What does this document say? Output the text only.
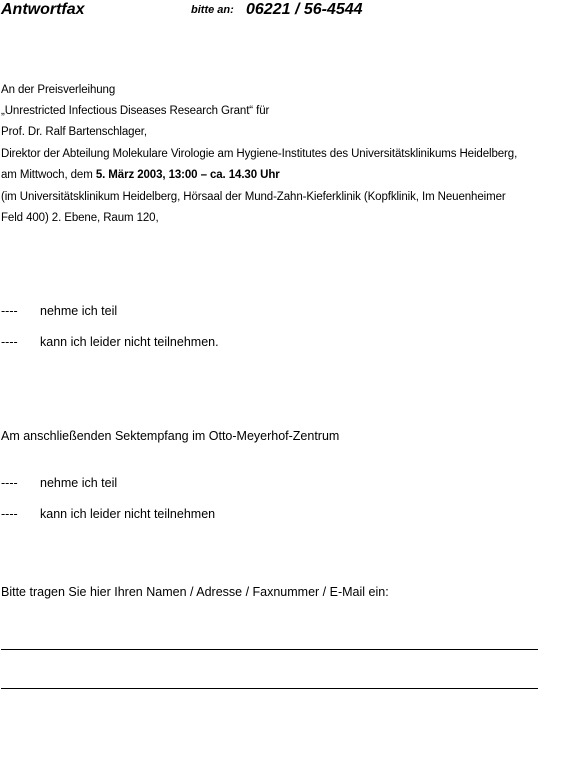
Antwortfax	bitte an: 06221 / 56-4544
An der Preisverleihung
„Unrestricted Infectious Diseases Research Grant“ für
Prof. Dr. Ralf Bartenschlager,
Direktor der Abteilung Molekulare Virologie am Hygiene-Institutes des Universitätsklinikums Heidelberg,
am Mittwoch, dem 5. März 2003, 13:00 – ca. 14.30 Uhr
(im Universitätsklinikum Heidelberg, Hörsaal der Mund-Zahn-Kieferklinik (Kopfklinik, Im Neuenheimer
Feld 400) 2. Ebene, Raum 120,
---- nehme ich teil
---- kann ich leider nicht teilnehmen.
Am anschließenden Sektempfang im Otto-Meyerhof-Zentrum
---- nehme ich teil
---- kann ich leider nicht teilnehmen
Bitte tragen Sie hier Ihren Namen / Adresse / Faxnummer / E-Mail ein:
